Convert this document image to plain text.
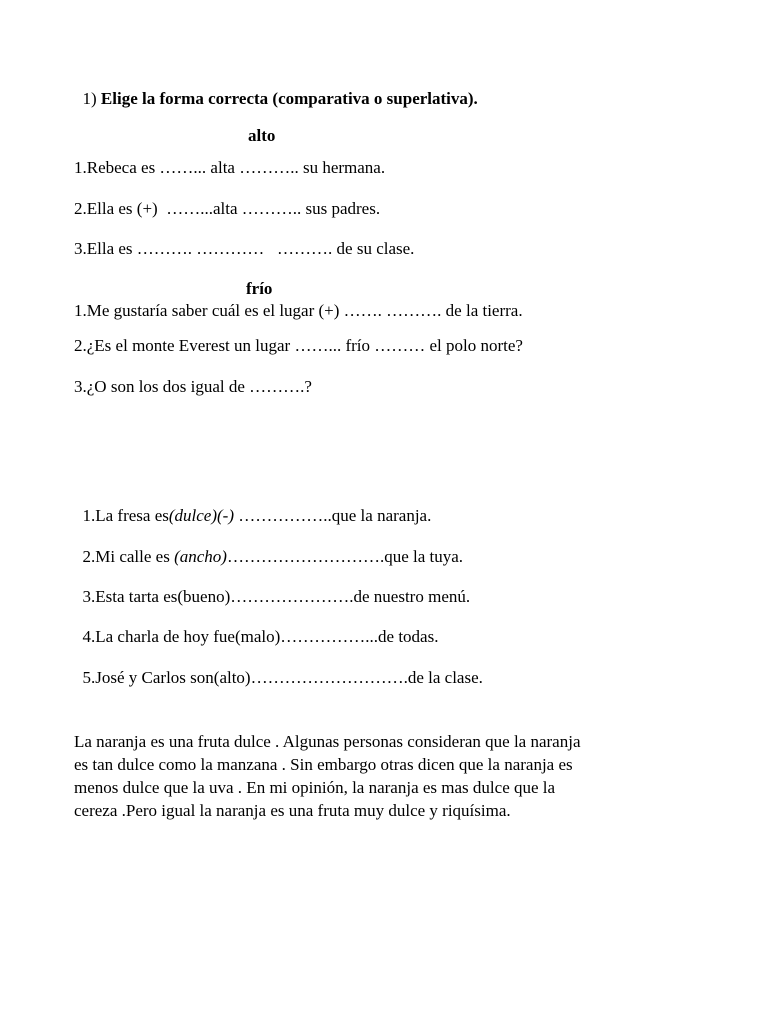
1) Elige la forma correcta (comparativa o superlativa).

alto
1.Rebeca es ……... alta ……….. su hermana.
2.Ella es (+)  ……...alta ……….. sus padres.
3.Ella es ………. …………   ………. de su clase.
frío
1.Me gustaría saber cuál es el lugar (+) ……. ………. de la tierra.
2.¿Es el monte Everest un lugar ……... frío ……… el polo norte?
3.¿O son los dos igual de ……….?

1.La fresa es(dulce)(-) ……………..que la naranja.

2.Mi calle es (ancho)……………………….que la tuya.

3.Esta tarta es(bueno)………………….de nuestro menú.

4.La charla de hoy fue(malo)……………...de todas.

5.José y Carlos son(alto)……………………….de la clase.

La naranja es una fruta dulce . Algunas personas consideran que la naranja
es tan dulce como la manzana . Sin embargo otras dicen que la naranja es
menos dulce que la uva . En mi opinión, la naranja es mas dulce que la
cereza .Pero igual la naranja es una fruta muy dulce y riquísima.
